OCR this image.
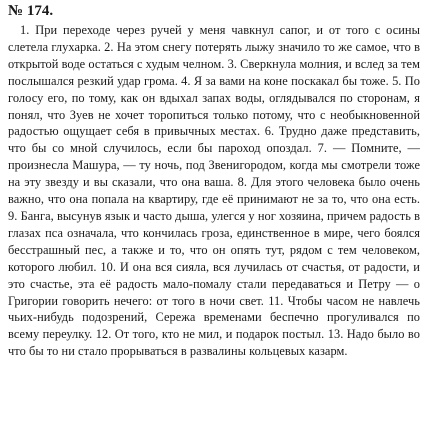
№ 174.

1. При переходе через ручей у меня чавкнул сапог, и от того с осины слетела глухарка. 2. На этом снегу потерять лыжу значило то же самое, что в открытой воде остаться с худым челном. 3. Сверкнула молния, и вслед за тем послышался резкий удар грома. 4. Я за вами на коне поскакал бы тоже. 5. По голосу его, по тому, как он вдыхал запах воды, оглядывался по сторонам, я понял, что Зуев не хочет торопиться только потому, что с необыкновенной радостью ощущает себя в привычных местах. 6. Трудно даже представить, что бы со мной случилось, если бы пароход опоздал. 7. — Помните, — произнесла Машура, — ту ночь, под Звенигородом, когда мы смотрели тоже на эту звезду и вы сказали, что она ваша. 8. Для этого человека было очень важно, что она попала на квартиру, где её принимают не за то, что она есть. 9. Банга, высунув язык и часто дыша, улегся у ног хозяина, причем радость в глазах пса означала, что кончилась гроза, единственное в мире, чего боялся бесстрашный пес, а также и то, что он опять тут, рядом с тем человеком, которого любил. 10. И она вся сияла, вся лучилась от счастья, от радости, и это счастье, эта её радость мало-помалу стали передаваться и Петру — о Григории говорить нечего: от того в ночи свет. 11. Чтобы часом не навлечь чьих-нибудь подозрений, Сережа временами беспечно прогуливался по всему переулку. 12. От того, кто не мил, и подарок постыл. 13. Надо было во что бы то ни стало прорываться в развалины кольцевых казарм.
